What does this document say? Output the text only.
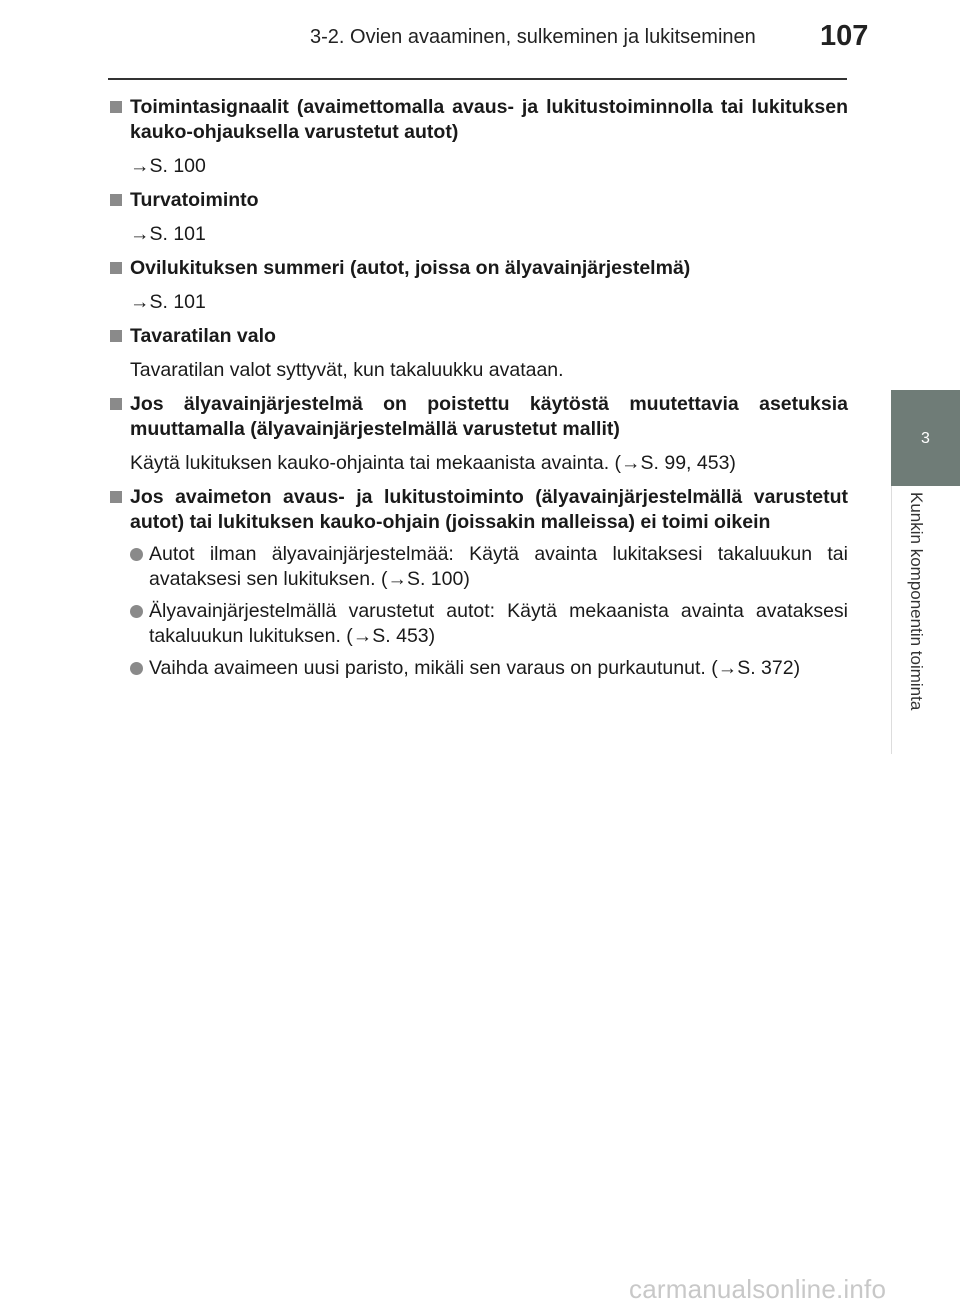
3-2. Ovien avaaminen, sulkeminen ja lukitseminen 107
3
Kunkin komponentin toiminta
Toimintasignaalit (avaimettomalla avaus- ja lukitustoiminnolla tai lukituksen kauko-ohjauksella varustetut autot)
→S. 100
Turvatoiminto
→S. 101
Ovilukituksen summeri (autot, joissa on älyavainjärjestelmä)
→S. 101
Tavaratilan valo
Tavaratilan valot syttyvät, kun takaluukku avataan.
Jos älyavainjärjestelmä on poistettu käytöstä muutettavia asetuksia muuttamalla (älyavainjärjestelmällä varustetut mallit)
Käytä lukituksen kauko-ohjainta tai mekaanista avainta. (→S. 99, 453)
Jos avaimeton avaus- ja lukitustoiminto (älyavainjärjestelmällä varustetut autot) tai lukituksen kauko-ohjain (joissakin malleissa) ei toimi oikein
Autot ilman älyavainjärjestelmää: Käytä avainta lukitaksesi takaluukun tai avataksesi sen lukituksen. (→S. 100)
Älyavainjärjestelmällä varustetut autot: Käytä mekaanista avainta avataksesi takaluukun lukituksen. (→S. 453)
Vaihda avaimeen uusi paristo, mikäli sen varaus on purkautunut. (→S. 372)
carmanualsonline.info
